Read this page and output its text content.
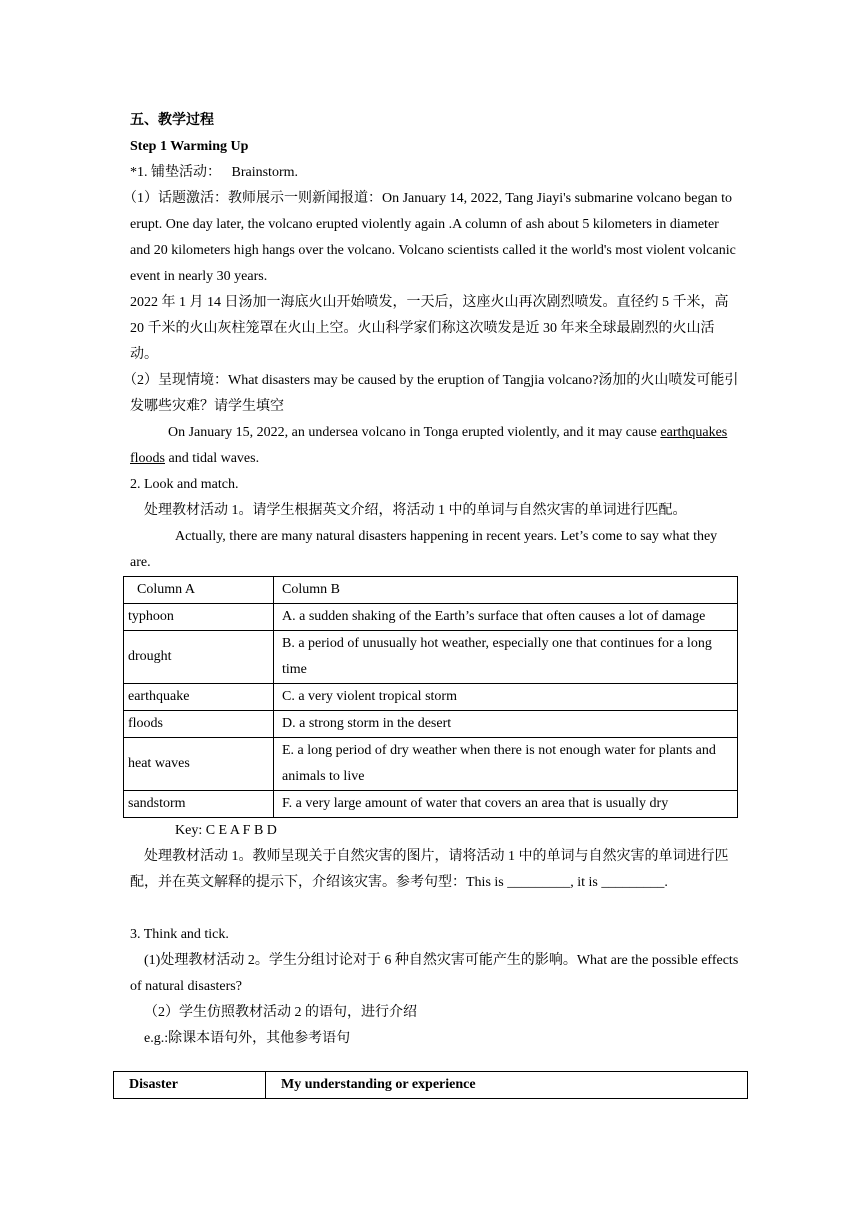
五、教学过程

Step 1 Warming Up

*1. 铺垫活动： Brainstorm.

（1）话题激活：教师展示一则新闻报道：On January 14, 2022, Tang Jiayi's submarine volcano began to erupt. One day later, the volcano erupted violently again .A column of ash about 5 kilometers in diameter and 20 kilometers high hangs over the volcano. Volcano scientists called it the world's most violent volcanic event in nearly 30 years.

2022 年 1 月 14 日汤加一海底火山开始喷发，一天后，这座火山再次剧烈喷发。直径约 5 千米，高 20 千米的火山灰柱笼罩在火山上空。火山科学家们称这次喷发是近 30 年来全球最剧烈的火山活动。

（2）呈现情境：What disasters may be caused by the eruption of Tangjia volcano?汤加的火山喷发可能引发哪些灾难？请学生填空

On January 15, 2022, an undersea volcano in Tonga erupted violently, and it may cause earthquakes floods and tidal waves.

2. Look and match.

处理教材活动 1。请学生根据英文介绍，将活动 1 中的单词与自然灾害的单词进行匹配。

Actually, there are many natural disasters happening in recent years. Let’s come to say what they are.

Column A	Column B
typhoon	A. a sudden shaking of the Earth’s surface that often causes a lot of damage
drought	B. a period of unusually hot weather, especially one that continues for a long time
earthquake	C. a very violent tropical storm
floods	D. a strong storm in the desert
heat waves	E. a long period of dry weather when there is not enough water for plants and animals to live
sandstorm	F. a very large amount of water that covers an area that is usually dry

Key: C E A F B D

处理教材活动 1。教师呈现关于自然灾害的图片，请将活动 1 中的单词与自然灾害的单词进行匹配，并在英文解释的提示下，介绍该灾害。参考句型：This is _________, it is _________.

3. Think and tick.

(1)处理教材活动 2。学生分组讨论对于 6 种自然灾害可能产生的影响。What are the possible effects of natural disasters?

（2）学生仿照教材活动 2 的语句，进行介绍

e.g.:除课本语句外，其他参考语句

Disaster	My understanding or experience
